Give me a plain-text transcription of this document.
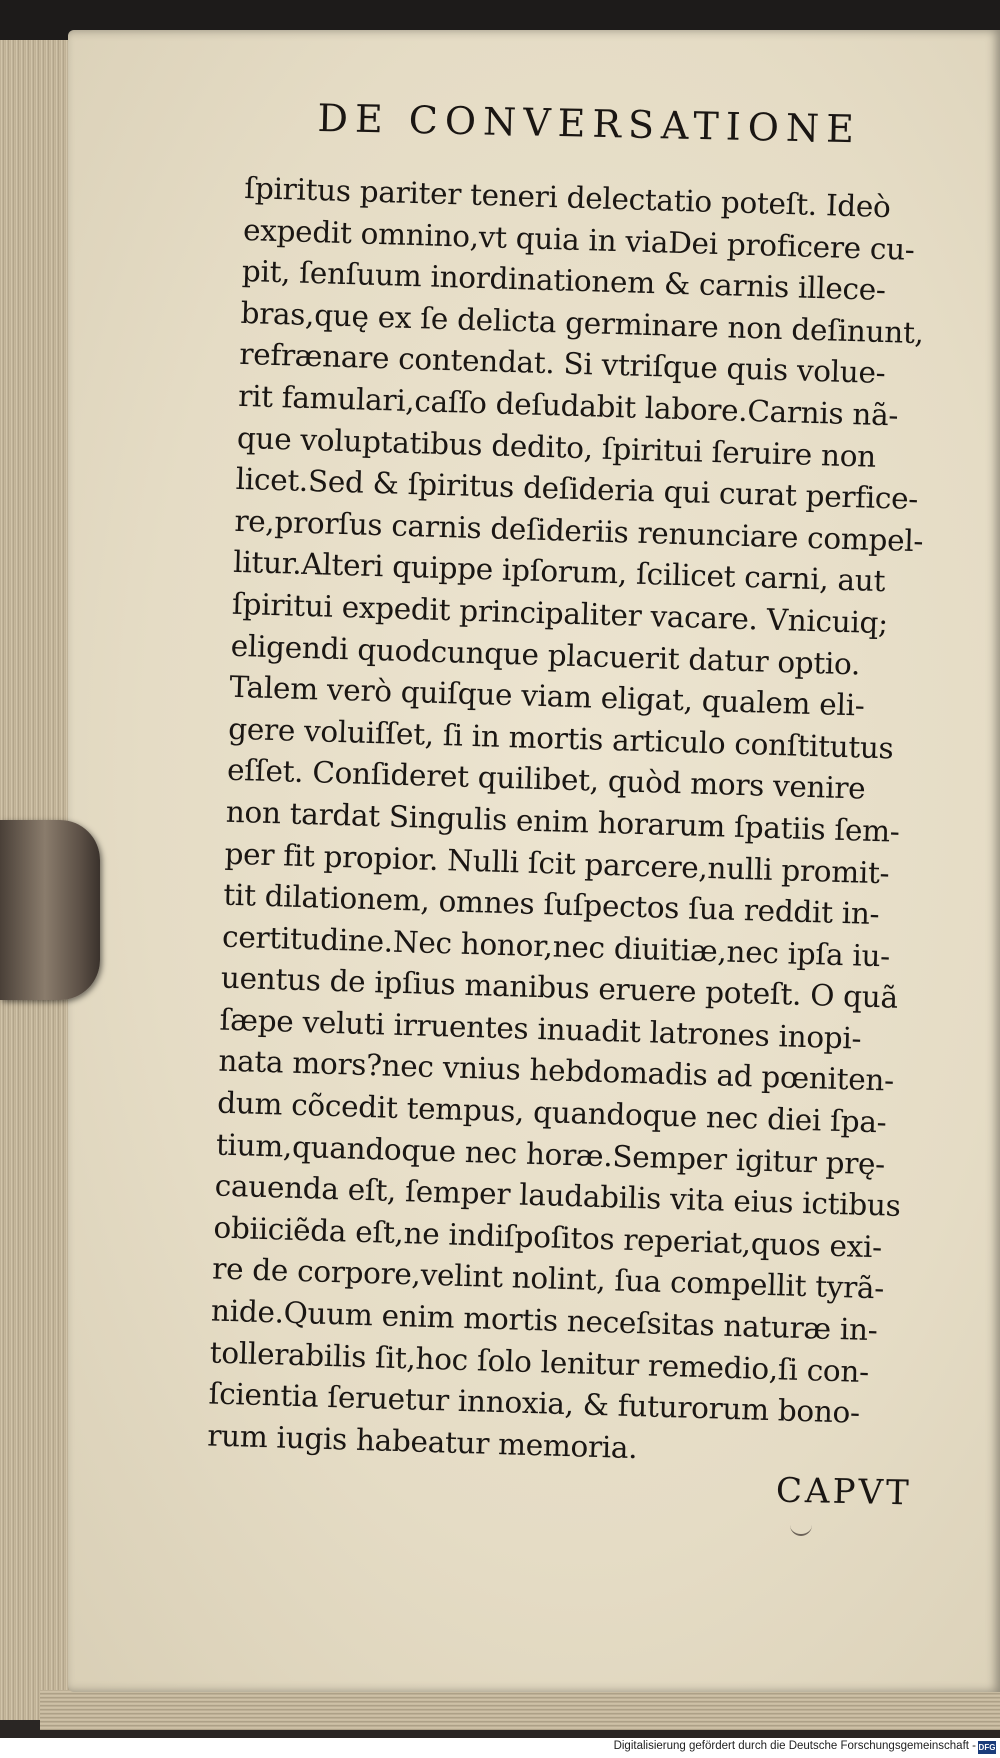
DE CONVERSATIONE
ſpiritus pariter teneri delectatio poteſt. Ideò
expedit omnino,vt quia in viaDei proficere cu-
pit, ſenſuum inordinationem & carnis illece-
bras,quę ex ſe delicta germinare non deſinunt,
refrænare contendat. Si vtriſque quis volue-
rit famulari,caſſo deſudabit labore.Carnis nã-
que voluptatibus dedito, ſpiritui ſeruire non
licet.Sed & ſpiritus deſideria qui curat perfice-
re,prorſus carnis deſideriis renunciare compel-
litur.Alteri quippe ipſorum, ſcilicet carni, aut
ſpiritui expedit principaliter vacare. Vnicuiq;
eligendi quodcunque placuerit datur optio.
Talem verò quiſque viam eligat, qualem eli-
gere voluiſſet, ſi in mortis articulo conſtitutus
eſſet. Conſideret quilibet, quòd mors venire
non tardat Singulis enim horarum ſpatiis ſem-
per fit propior. Nulli ſcit parcere,nulli promit-
tit dilationem, omnes ſuſpectos ſua reddit in-
certitudine.Nec honor,nec diuitiæ,nec ipſa iu-
uentus de ipſius manibus eruere poteſt. O quã
ſæpe veluti irruentes inuadit latrones inopi-
nata mors?nec vnius hebdomadis ad pœniten-
dum cõcedit tempus, quandoque nec diei ſpa-
tium,quandoque nec horæ.Semper igitur prę-
cauenda eſt, ſemper laudabilis vita eius ictibus
obiiciẽda eſt,ne indiſpoſitos reperiat,quos exi-
re de corpore,velint nolint, ſua compellit tyrã-
nide.Quum enim mortis neceſsitas naturæ in-
tollerabilis ſit,hoc ſolo lenitur remedio,ſi con-
ſcientia ſeruetur innoxia, & futurorum bono-
rum iugis habeatur memoria.
CAPVT
Digitalisierung gefördert durch die Deutsche Forschungsgemeinschaft - DFG
